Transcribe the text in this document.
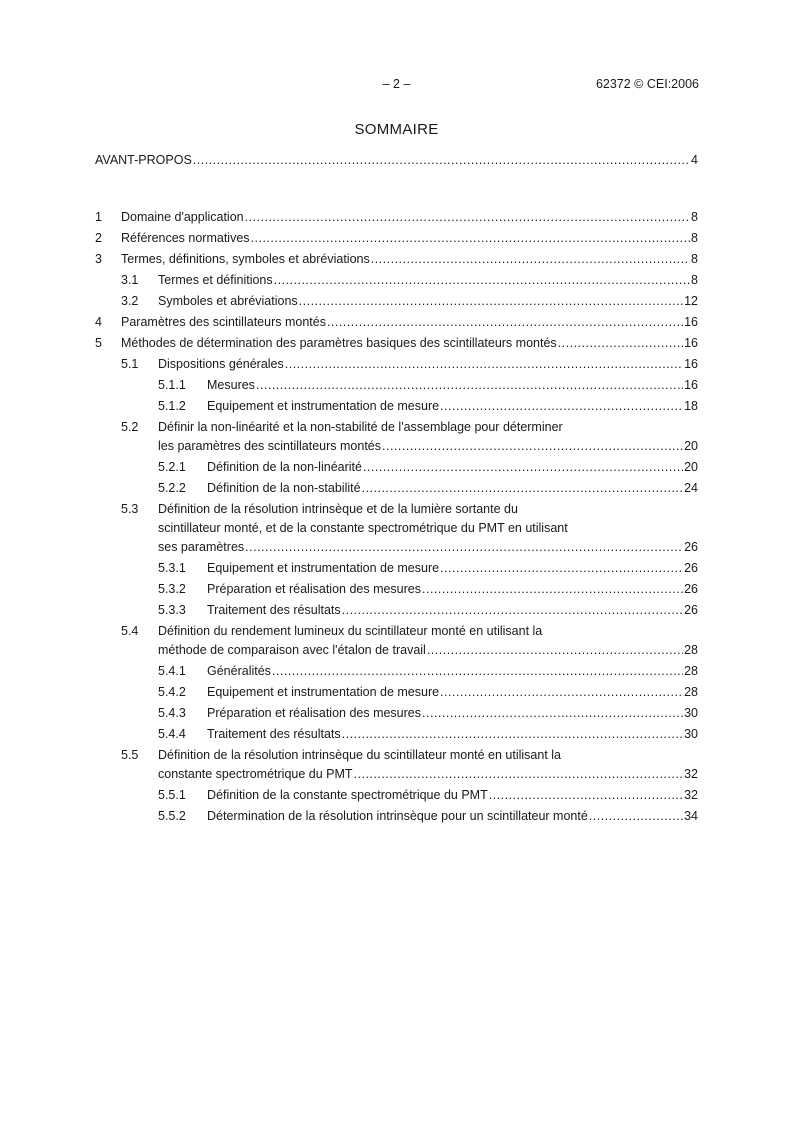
– 2 –	62372 © CEI:2006
SOMMAIRE
AVANT-PROPOS .....	4
1 Domaine d'application .....	8
2 Références normatives .....	8
3 Termes, définitions, symboles et abréviations .....	8
3.1 Termes et définitions .....	8
3.2 Symboles et abréviations .....	12
4 Paramètres des scintillateurs montés .....	16
5 Méthodes de détermination des paramètres basiques des scintillateurs montés .....	16
5.1 Dispositions générales .....	16
5.1.1 Mesures .....	16
5.1.2 Equipement et instrumentation de mesure .....	18
5.2 Définir la non-linéarité et la non-stabilité de l'assemblage pour déterminer
les paramètres des scintillateurs montés .....	20
5.2.1 Définition de la non-linéarité .....	20
5.2.2 Définition de la non-stabilité .....	24
5.3 Définition de la résolution intrinsèque et de la lumière sortante du
scintillateur monté, et de la constante spectrométrique du PMT en utilisant
ses paramètres .....	26
5.3.1 Equipement et instrumentation de mesure .....	26
5.3.2 Préparation et réalisation des mesures .....	26
5.3.3 Traitement des résultats .....	26
5.4 Définition du rendement lumineux du scintillateur monté en utilisant la
méthode de comparaison avec l'étalon de travail .....	28
5.4.1 Généralités .....	28
5.4.2 Equipement et instrumentation de mesure .....	28
5.4.3 Préparation et réalisation des mesures .....	30
5.4.4 Traitement des résultats .....	30
5.5 Définition de la résolution intrinsèque du scintillateur monté en utilisant la
constante spectrométrique du PMT .....	32
5.5.1 Définition de la constante spectrométrique du PMT .....	32
5.5.2 Détermination de la résolution intrinsèque pour un scintillateur monté .....	34
